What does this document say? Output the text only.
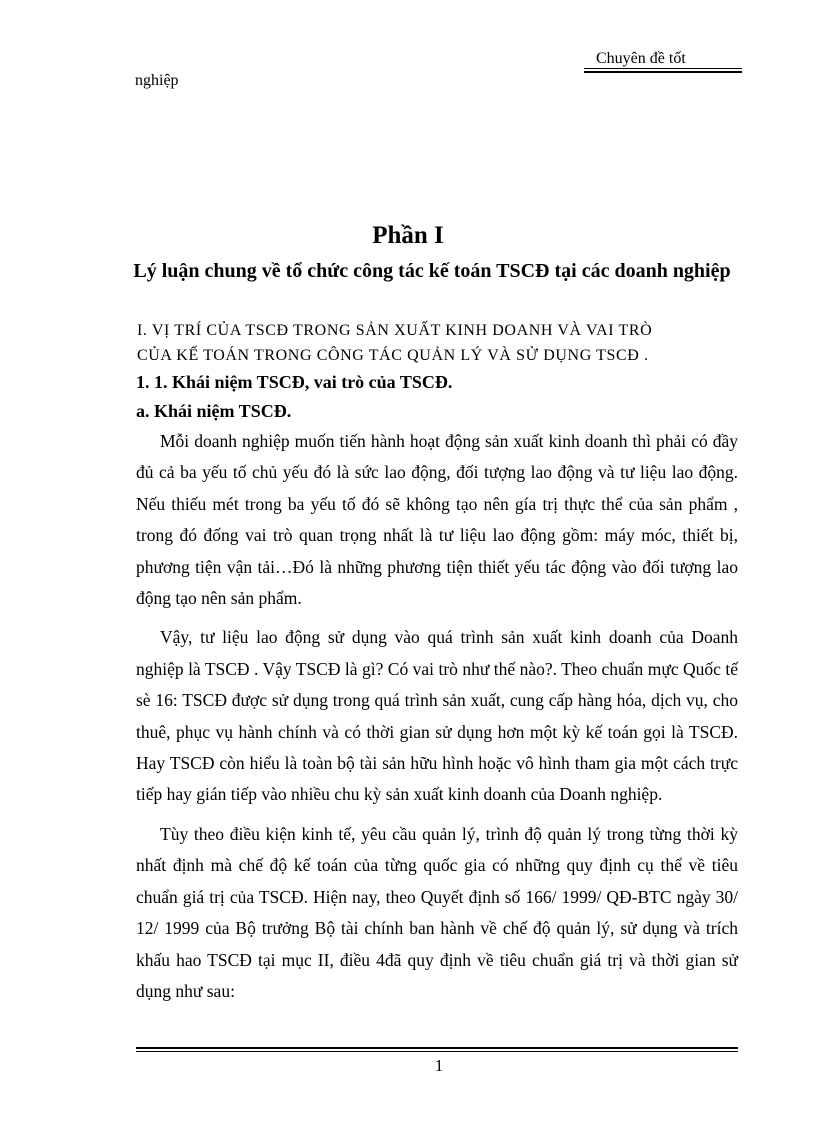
Chuyên đề tốt
nghiệp
Phần I
Lý luận chung về tổ chức công tác kế toán TSCĐ tại các doanh nghiệp
I. VỊ TRÍ CỦA TSCĐ TRONG SẢN XUẤT KINH DOANH VÀ VAI TRÒ
CỦA KẾ TOÁN TRONG CÔNG TÁC QUẢN LÝ VÀ SỬ DỤNG TSCĐ .
1. 1. Khái niệm TSCĐ, vai trò của TSCĐ.
a. Khái niệm TSCĐ.

Mỗi doanh nghiệp muốn tiến hành hoạt động sản xuất kinh doanh thì phải có đầy đủ cả ba yếu tố chủ yếu đó là sức lao động, đối tượng lao động và tư liệu lao động. Nếu thiếu mét trong ba yếu tố đó sẽ không tạo nên gía trị thực thể của sản phẩm , trong đó đống vai trò quan trọng nhất là tư liệu lao động gồm: máy móc, thiết bị, phương tiện vận tải…Đó là những phương tiện thiết yếu tác động vào đối tượng lao động tạo nên sản phẩm.

Vậy, tư liệu lao động sử dụng vào quá trình sản xuất kinh doanh của Doanh nghiệp là TSCĐ . Vậy TSCĐ là gì? Có vai trò như thế nào?. Theo chuẩn mực Quốc tế sè 16: TSCĐ được sử dụng trong quá trình sản xuất, cung cấp hàng hóa, dịch vụ, cho thuê, phục vụ hành chính và có thời gian sử dụng hơn một kỳ kế toán gọi là TSCĐ. Hay TSCĐ còn hiểu là toàn bộ tài sản hữu hình hoặc vô hình tham gia một cách trực tiếp hay gián tiếp vào nhiều chu kỳ sản xuất kinh doanh của Doanh nghiệp.

Tùy theo điều kiện kinh tế, yêu cầu quản lý, trình độ quản lý trong từng thời kỳ nhất định mà chế độ kế toán của từng quốc gia có những quy định cụ thể về tiêu chuẩn giá trị của TSCĐ. Hiện nay, theo Quyết định số 166/ 1999/ QĐ-BTC ngày 30/ 12/ 1999 của Bộ trưởng Bộ tài chính ban hành về chế độ quản lý, sử dụng và trích khấu hao TSCĐ tại mục II, điều 4đã quy định về tiêu chuẩn giá trị và thời gian sử dụng như sau:

1
